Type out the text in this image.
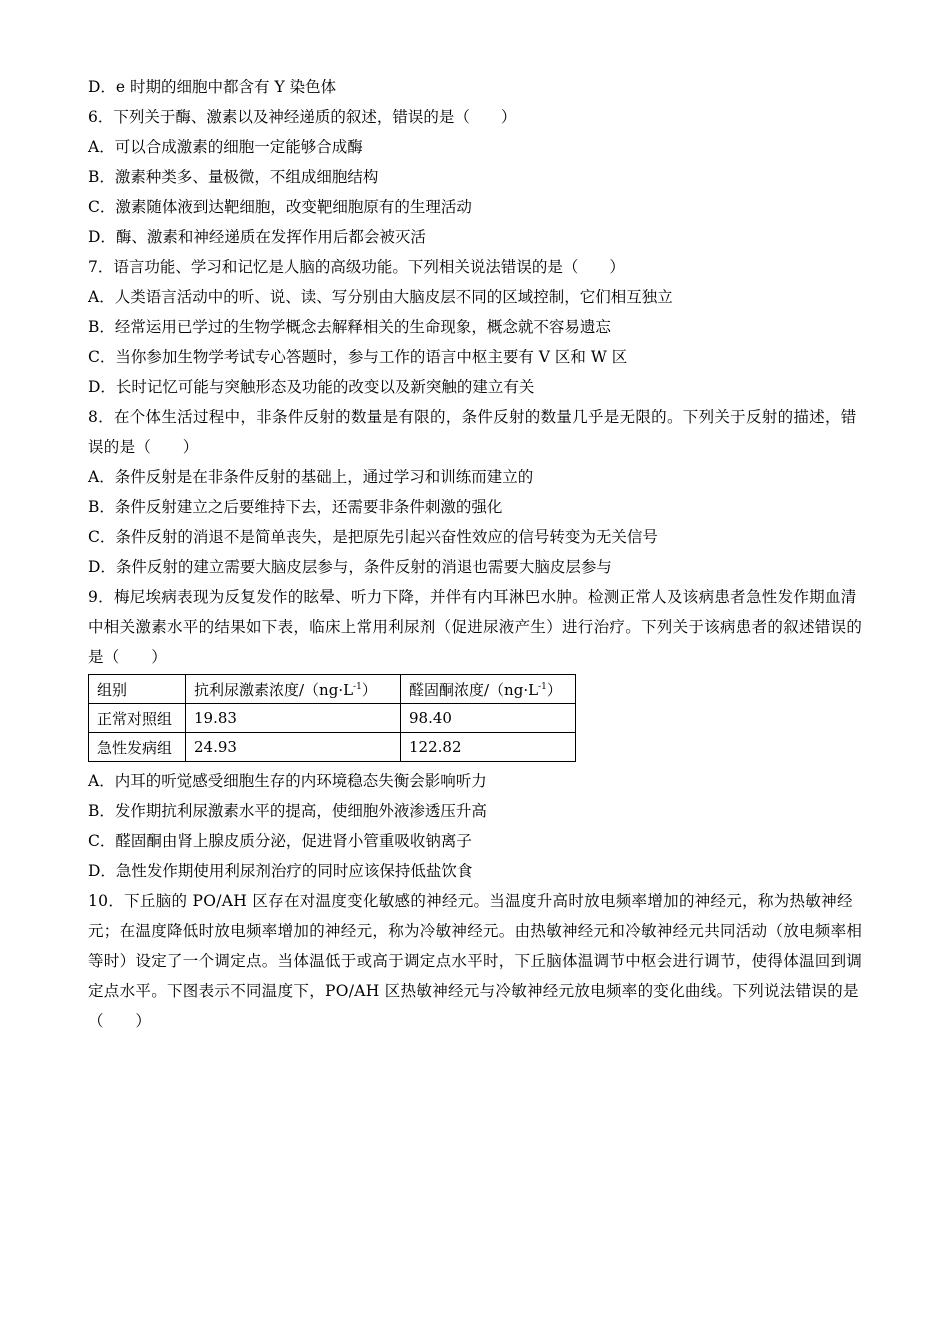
D．e 时期的细胞中都含有 Y 染色体
6．下列关于酶、激素以及神经递质的叙述，错误的是（　　）
A．可以合成激素的细胞一定能够合成酶
B．激素种类多、量极微，不组成细胞结构
C．激素随体液到达靶细胞，改变靶细胞原有的生理活动
D．酶、激素和神经递质在发挥作用后都会被灭活
7．语言功能、学习和记忆是人脑的高级功能。下列相关说法错误的是（　　）
A．人类语言活动中的听、说、读、写分别由大脑皮层不同的区域控制，它们相互独立
B．经常运用已学过的生物学概念去解释相关的生命现象，概念就不容易遗忘
C．当你参加生物学考试专心答题时，参与工作的语言中枢主要有 V 区和 W 区
D．长时记忆可能与突触形态及功能的改变以及新突触的建立有关
8．在个体生活过程中，非条件反射的数量是有限的，条件反射的数量几乎是无限的。下列关于反射的描述，错误的是（　　）
A．条件反射是在非条件反射的基础上，通过学习和训练而建立的
B．条件反射建立之后要维持下去，还需要非条件刺激的强化
C．条件反射的消退不是简单丧失，是把原先引起兴奋性效应的信号转变为无关信号
D．条件反射的建立需要大脑皮层参与，条件反射的消退也需要大脑皮层参与
9．梅尼埃病表现为反复发作的眩晕、听力下降，并伴有内耳淋巴水肿。检测正常人及该病患者急性发作期血清中相关激素水平的结果如下表，临床上常用利尿剂（促进尿液产生）进行治疗。下列关于该病患者的叙述错误的是（　　）
组别	抗利尿激素浓度$/(ng\cdot L^{-1})$	醛固酮浓度$/(ng\cdot L^{-1})$
正常对照组	19.83	98.40
急性发病组	24.93	122.82
A．内耳的听觉感受细胞生存的内环境稳态失衡会影响听力
B．发作期抗利尿激素水平的提高，使细胞外液渗透压升高
C．醛固酮由肾上腺皮质分泌，促进肾小管重吸收钠离子
D．急性发作期使用利尿剂治疗的同时应该保持低盐饮食
10．下丘脑的 PO/AH 区存在对温度变化敏感的神经元。当温度升高时放电频率增加的神经元，称为热敏神经元；在温度降低时放电频率增加的神经元，称为冷敏神经元。由热敏神经元和冷敏神经元共同活动（放电频率相等时）设定了一个调定点。当体温低于或高于调定点水平时，下丘脑体温调节中枢会进行调节，使得体温回到调定点水平。下图表示不同温度下，PO/AH 区热敏神经元与冷敏神经元放电频率的变化曲线。下列说法错误的是（　　）
